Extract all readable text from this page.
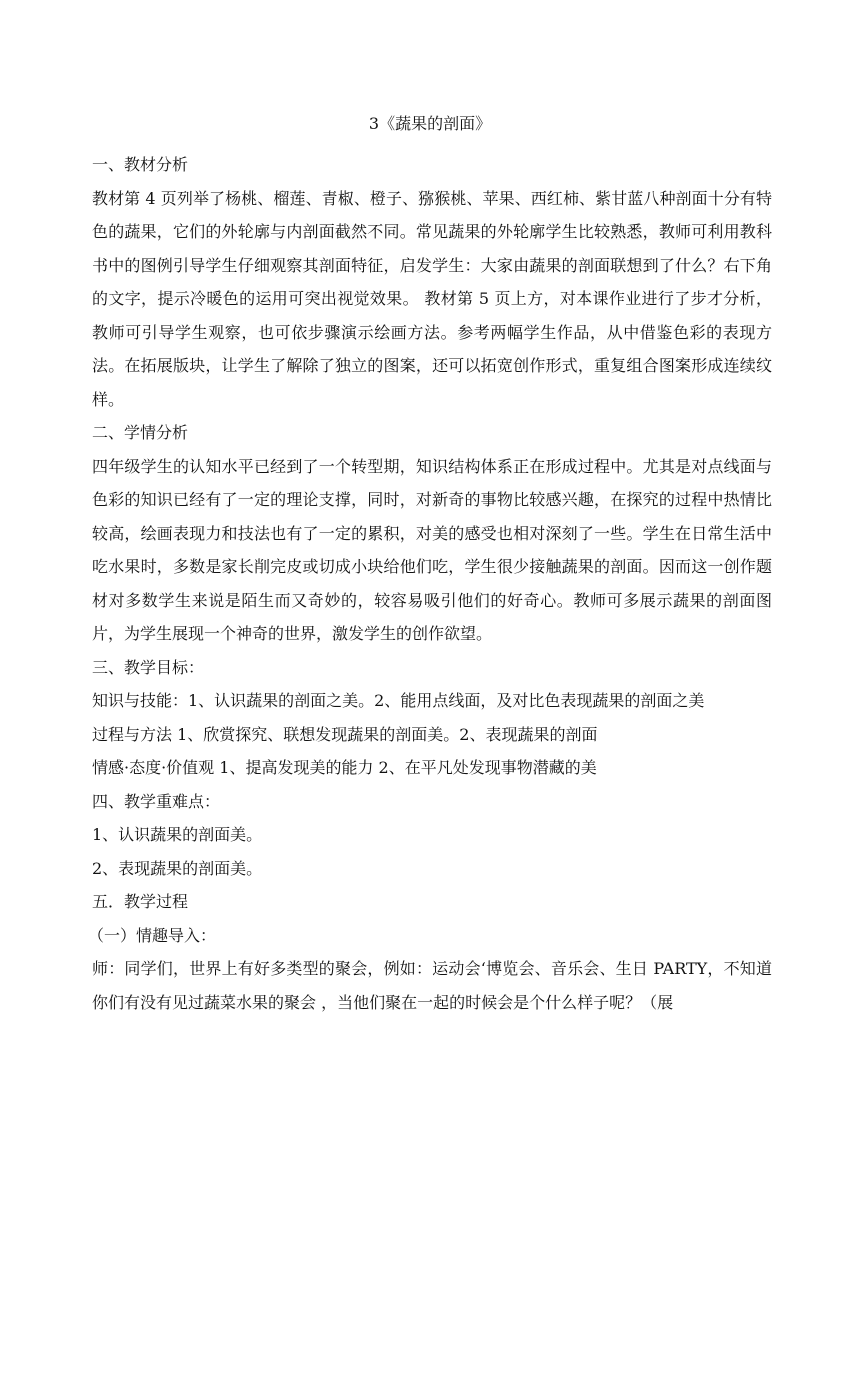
3《蔬果的剖面》

一、教材分析

教材第 4 页列举了杨桃、榴莲、青椒、橙子、猕猴桃、苹果、西红柿、紫甘蓝八种剖面十分有特色的蔬果，它们的外轮廓与内剖面截然不同。常见蔬果的外轮廓学生比较熟悉，教师可利用教科书中的图例引导学生仔细观察其剖面特征，启发学生：大家由蔬果的剖面联想到了什么？右下角的文字，提示冷暖色的运用可突出视觉效果。 教材第 5 页上方，对本课作业进行了步才分析，教师可引导学生观察，也可依步骤演示绘画方法。参考两幅学生作品，从中借鉴色彩的表现方法。在拓展版块，让学生了解除了独立的图案，还可以拓宽创作形式，重复组合图案形成连续纹样。

二、学情分析

四年级学生的认知水平已经到了一个转型期，知识结构体系正在形成过程中。尤其是对点线面与色彩的知识已经有了一定的理论支撑，同时，对新奇的事物比较感兴趣，在探究的过程中热情比较高，绘画表现力和技法也有了一定的累积，对美的感受也相对深刻了一些。学生在日常生活中吃水果时，多数是家长削完皮或切成小块给他们吃，学生很少接触蔬果的剖面。因而这一创作题材对多数学生来说是陌生而又奇妙的，较容易吸引他们的好奇心。教师可多展示蔬果的剖面图片，为学生展现一个神奇的世界，激发学生的创作欲望。

三、教学目标：

知识与技能：1、认识蔬果的剖面之美。2、能用点线面，及对比色表现蔬果的剖面之美

过程与方法 1、欣赏探究、联想发现蔬果的剖面美。2、表现蔬果的剖面

情感·态度·价值观 1、提高发现美的能力 2、在平凡处发现事物潜藏的美

四、教学重难点：

1、认识蔬果的剖面美。

2、表现蔬果的剖面美。

五．教学过程

（一）情趣导入：

师：同学们，世界上有好多类型的聚会，例如：运动会‘博览会、音乐会、生日 PARTY，不知道你们有没有见过蔬菜水果的聚会 ，当他们聚在一起的时候会是个什么样子呢？（展
